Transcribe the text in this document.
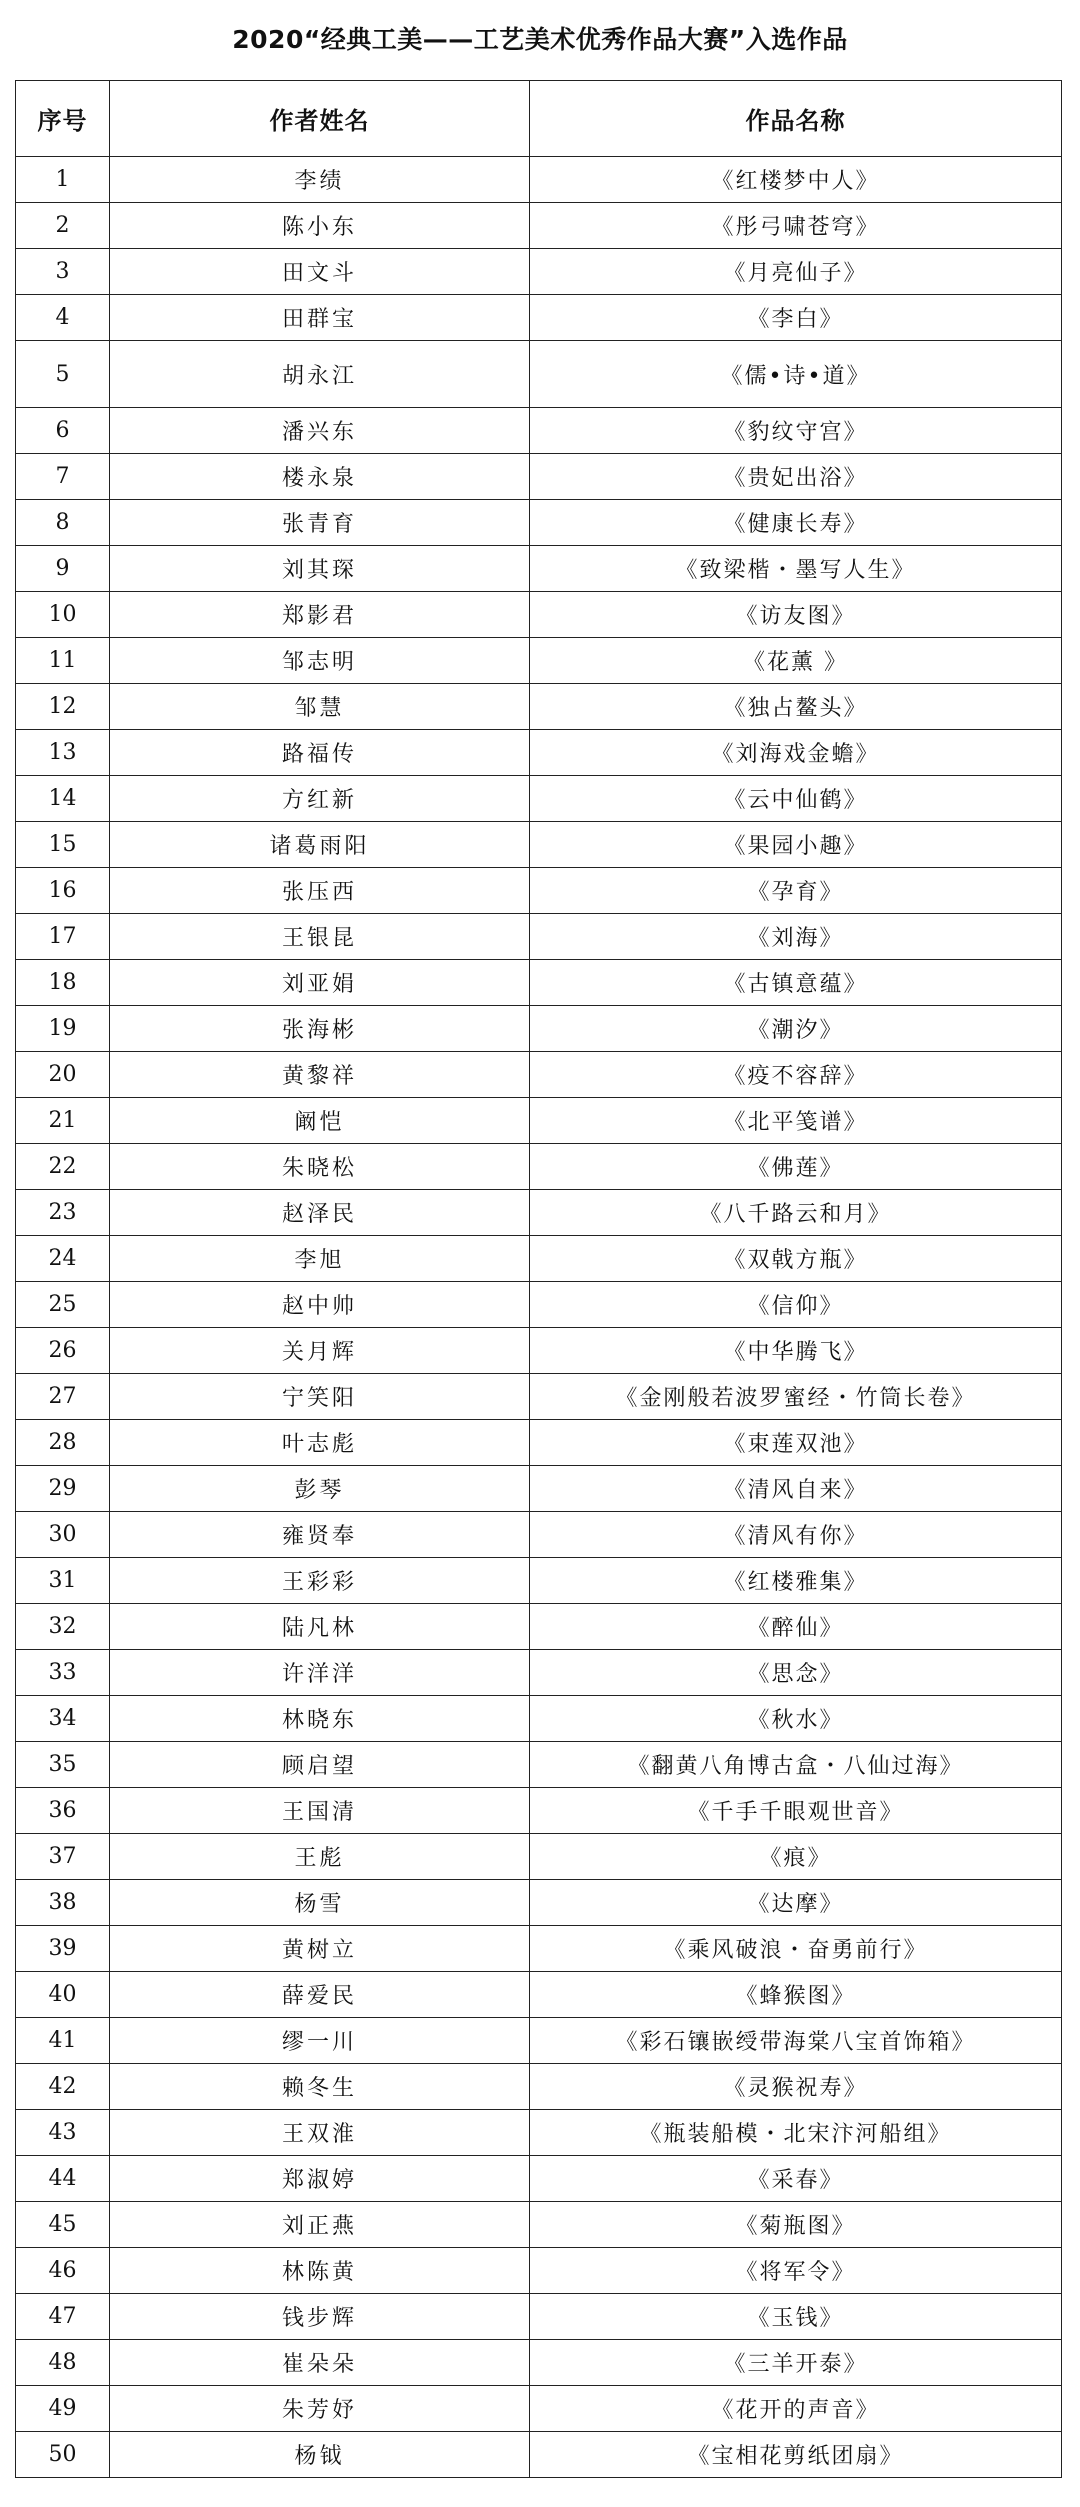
2020“经典工美——工艺美术优秀作品大赛”入选作品
序号	作者姓名	作品名称
1	李绩	《红楼梦中人》
2	陈小东	《彤弓啸苍穹》
3	田文斗	《月亮仙子》
4	田群宝	《李白》
5	胡永江	《儒•诗•道》
6	潘兴东	《豹纹守宫》
7	楼永泉	《贵妃出浴》
8	张青育	《健康长寿》
9	刘其琛	《致梁楷・墨写人生》
10	郑影君	《访友图》
11	邹志明	《花薰 》
12	邹慧	《独占鳌头》
13	路福传	《刘海戏金蟾》
14	方红新	《云中仙鹤》
15	诸葛雨阳	《果园小趣》
16	张压西	《孕育》
17	王银昆	《刘海》
18	刘亚娟	《古镇意蕴》
19	张海彬	《潮汐》
20	黄黎祥	《疫不容辞》
21	阚恺	《北平笺谱》
22	朱晓松	《佛莲》
23	赵泽民	《八千路云和月》
24	李旭	《双戟方瓶》
25	赵中帅	《信仰》
26	关月辉	《中华腾飞》
27	宁笑阳	《金刚般若波罗蜜经・竹筒长卷》
28	叶志彪	《束莲双池》
29	彭琴	《清风自来》
30	雍贤奉	《清风有你》
31	王彩彩	《红楼雅集》
32	陆凡林	《醉仙》
33	许洋洋	《思念》
34	林晓东	《秋水》
35	顾启望	《翻黄八角博古盒・八仙过海》
36	王国清	《千手千眼观世音》
37	王彪	《痕》
38	杨雪	《达摩》
39	黄树立	《乘风破浪・奋勇前行》
40	薛爱民	《蜂猴图》
41	缪一川	《彩石镶嵌绶带海棠八宝首饰箱》
42	赖冬生	《灵猴祝寿》
43	王双淮	《瓶装船模・北宋汴河船组》
44	郑淑婷	《采春》
45	刘正燕	《菊瓶图》
46	林陈黄	《将军令》
47	钱步辉	《玉钱》
48	崔朵朵	《三羊开泰》
49	朱芳妤	《花开的声音》
50	杨钺	《宝相花剪纸团扇》
